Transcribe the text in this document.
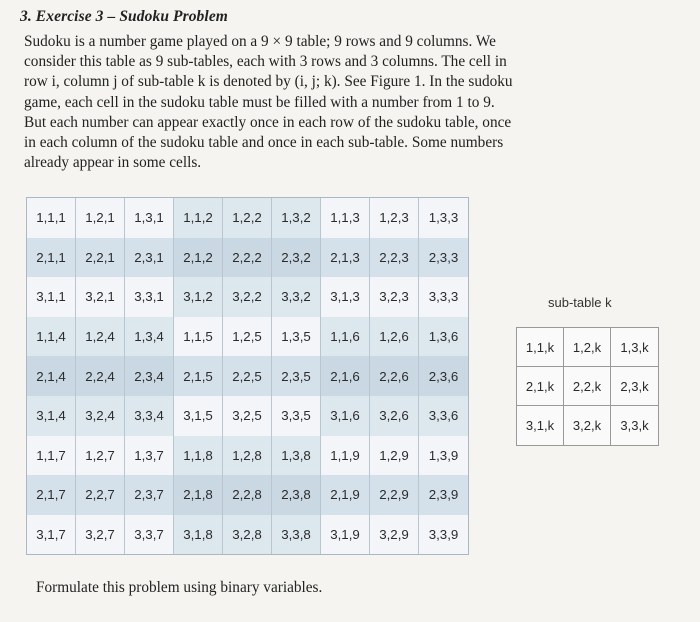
3. Exercise 3 – Sudoku Problem

Sudoku is a number game played on a 9 × 9 table; 9 rows and 9 columns. We
consider this table as 9 sub-tables, each with 3 rows and 3 columns. The cell in
row i, column j of sub-table k is denoted by (i, j; k). See Figure 1. In the sudoku
game, each cell in the sudoku table must be filled with a number from 1 to 9.
But each number can appear exactly once in each row of the sudoku table, once
in each column of the sudoku table and once in each sub-table. Some numbers
already appear in some cells.

1,1,1	1,2,1	1,3,1	1,1,2	1,2,2	1,3,2	1,1,3	1,2,3	1,3,3
2,1,1	2,2,1	2,3,1	2,1,2	2,2,2	2,3,2	2,1,3	2,2,3	2,3,3
3,1,1	3,2,1	3,3,1	3,1,2	3,2,2	3,3,2	3,1,3	3,2,3	3,3,3
1,1,4	1,2,4	1,3,4	1,1,5	1,2,5	1,3,5	1,1,6	1,2,6	1,3,6
2,1,4	2,2,4	2,3,4	2,1,5	2,2,5	2,3,5	2,1,6	2,2,6	2,3,6
3,1,4	3,2,4	3,3,4	3,1,5	3,2,5	3,3,5	3,1,6	3,2,6	3,3,6
1,1,7	1,2,7	1,3,7	1,1,8	1,2,8	1,3,8	1,1,9	1,2,9	1,3,9
2,1,7	2,2,7	2,3,7	2,1,8	2,2,8	2,3,8	2,1,9	2,2,9	2,3,9
3,1,7	3,2,7	3,3,7	3,1,8	3,2,8	3,3,8	3,1,9	3,2,9	3,3,9
sub-table k
1,1,k	1,2,k	1,3,k
2,1,k	2,2,k	2,3,k
3,1,k	3,2,k	3,3,k
Formulate this problem using binary variables.
